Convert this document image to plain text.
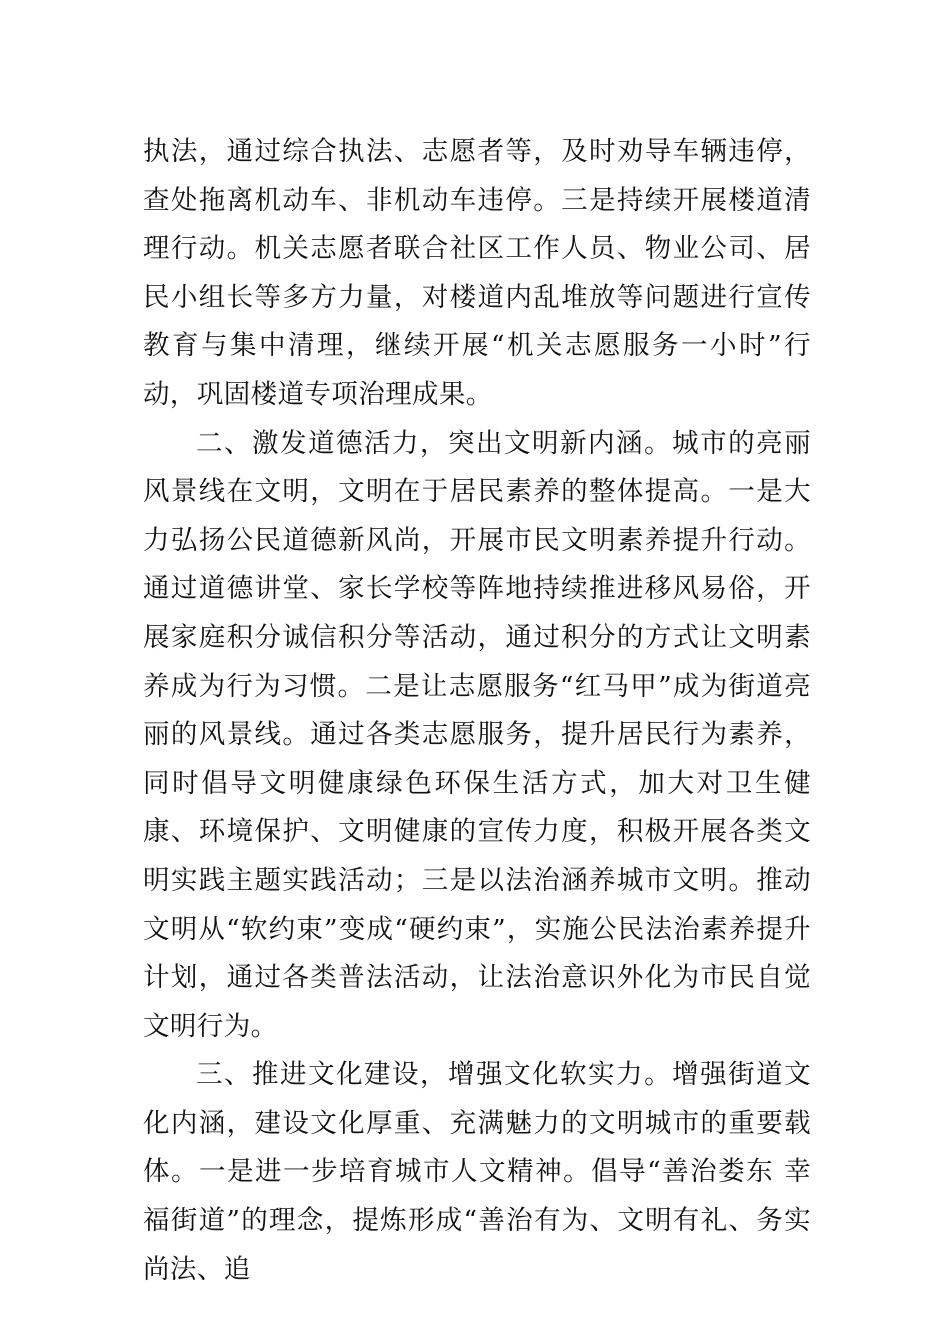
执法，通过综合执法、志愿者等，及时劝导车辆违停，查处拖离机动车、非机动车违停。三是持续开展楼道清理行动。机关志愿者联合社区工作人员、物业公司、居民小组长等多方力量，对楼道内乱堆放等问题进行宣传教育与集中清理，继续开展“机关志愿服务一小时”行动，巩固楼道专项治理成果。

二、激发道德活力，突出文明新内涵。城市的亮丽风景线在文明，文明在于居民素养的整体提高。一是大力弘扬公民道德新风尚，开展市民文明素养提升行动。通过道德讲堂、家长学校等阵地持续推进移风易俗，开展家庭积分诚信积分等活动，通过积分的方式让文明素养成为行为习惯。二是让志愿服务“红马甲”成为街道亮丽的风景线。通过各类志愿服务，提升居民行为素养，同时倡导文明健康绿色环保生活方式，加大对卫生健康、环境保护、文明健康的宣传力度，积极开展各类文明实践主题实践活动；三是以法治涵养城市文明。推动文明从“软约束”变成“硬约束”，实施公民法治素养提升计划，通过各类普法活动，让法治意识外化为市民自觉文明行为。

三、推进文化建设，增强文化软实力。增强街道文化内涵，建设文化厚重、充满魅力的文明城市的重要载体。一是进一步培育城市人文精神。倡导“善治娄东 幸福街道”的理念，提炼形成“善治有为、文明有礼、务实尚法、追
